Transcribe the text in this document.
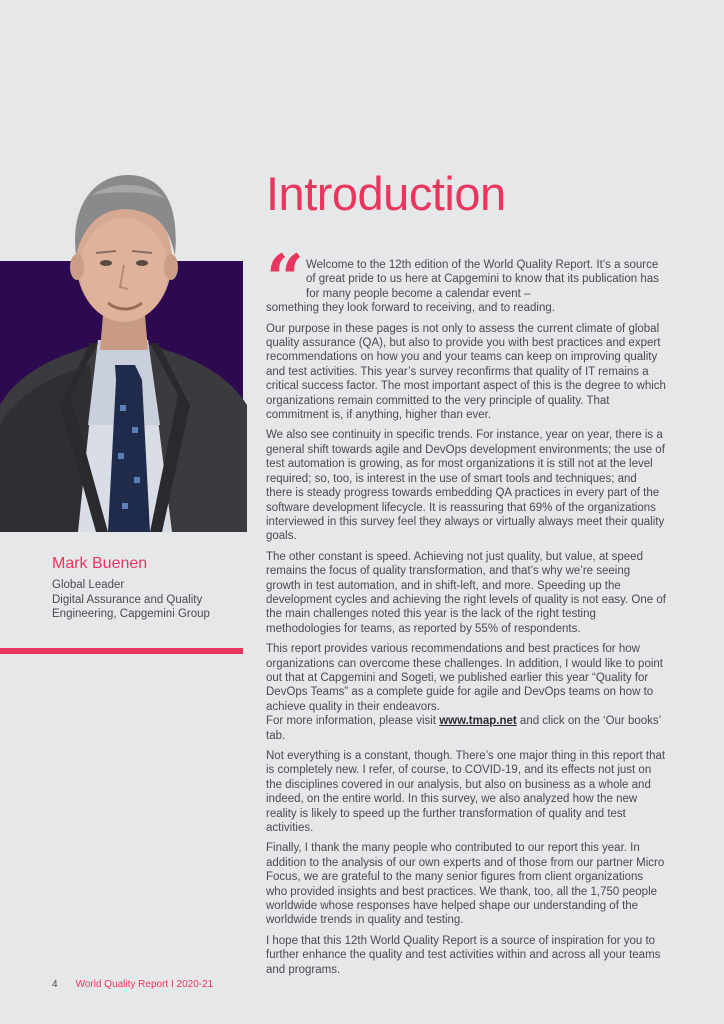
Introduction
Mark Buenen
Global Leader
Digital Assurance and Quality
Engineering, Capgemini Group
“ Welcome to the 12th edition of the World Quality Report. It’s a source of great pride to us here at Capgemini to know that its publication has for many people become a calendar event –
something they look forward to receiving, and to reading.

Our purpose in these pages is not only to assess the current climate of global quality assurance (QA), but also to provide you with best practices and expert recommendations on how you and your teams can keep on improving quality and test activities. This year’s survey reconfirms that quality of IT remains a critical success factor. The most important aspect of this is the degree to which organizations remain committed to the very principle of quality. That commitment is, if anything, higher than ever.

We also see continuity in specific trends. For instance, year on year, there is a general shift towards agile and DevOps development environments; the use of test automation is growing, as for most organizations it is still not at the level required; so, too, is interest in the use of smart tools and techniques; and there is steady progress towards embedding QA practices in every part of the software development lifecycle. It is reassuring that 69% of the organizations interviewed in this survey feel they always or virtually always meet their quality goals.

The other constant is speed. Achieving not just quality, but value, at speed remains the focus of quality transformation, and that’s why we’re seeing growth in test automation, and in shift-left, and more. Speeding up the development cycles and achieving the right levels of quality is not easy. One of the main challenges noted this year is the lack of the right testing methodologies for teams, as reported by 55% of respondents.

This report provides various recommendations and best practices for how organizations can overcome these challenges. In addition, I would like to point out that at Capgemini and Sogeti, we published earlier this year “Quality for DevOps Teams” as a complete guide for agile and DevOps teams on how to achieve quality in their endeavors.
For more information, please visit www.tmap.net and click on the ‘Our books’ tab.

Not everything is a constant, though. There’s one major thing in this report that is completely new. I refer, of course, to COVID-19, and its effects not just on the disciplines covered in our analysis, but also on business as a whole and indeed, on the entire world. In this survey, we also analyzed how the new reality is likely to speed up the further transformation of quality and test activities.

Finally, I thank the many people who contributed to our report this year. In addition to the analysis of our own experts and of those from our partner Micro Focus, we are grateful to the many senior figures from client organizations who provided insights and best practices. We thank, too, all the 1,750 people worldwide whose responses have helped shape our understanding of the worldwide trends in quality and testing.

I hope that this 12th World Quality Report is a source of inspiration for you to further enhance the quality and test activities within and across all your teams and programs.

4 World Quality Report I 2020-21
